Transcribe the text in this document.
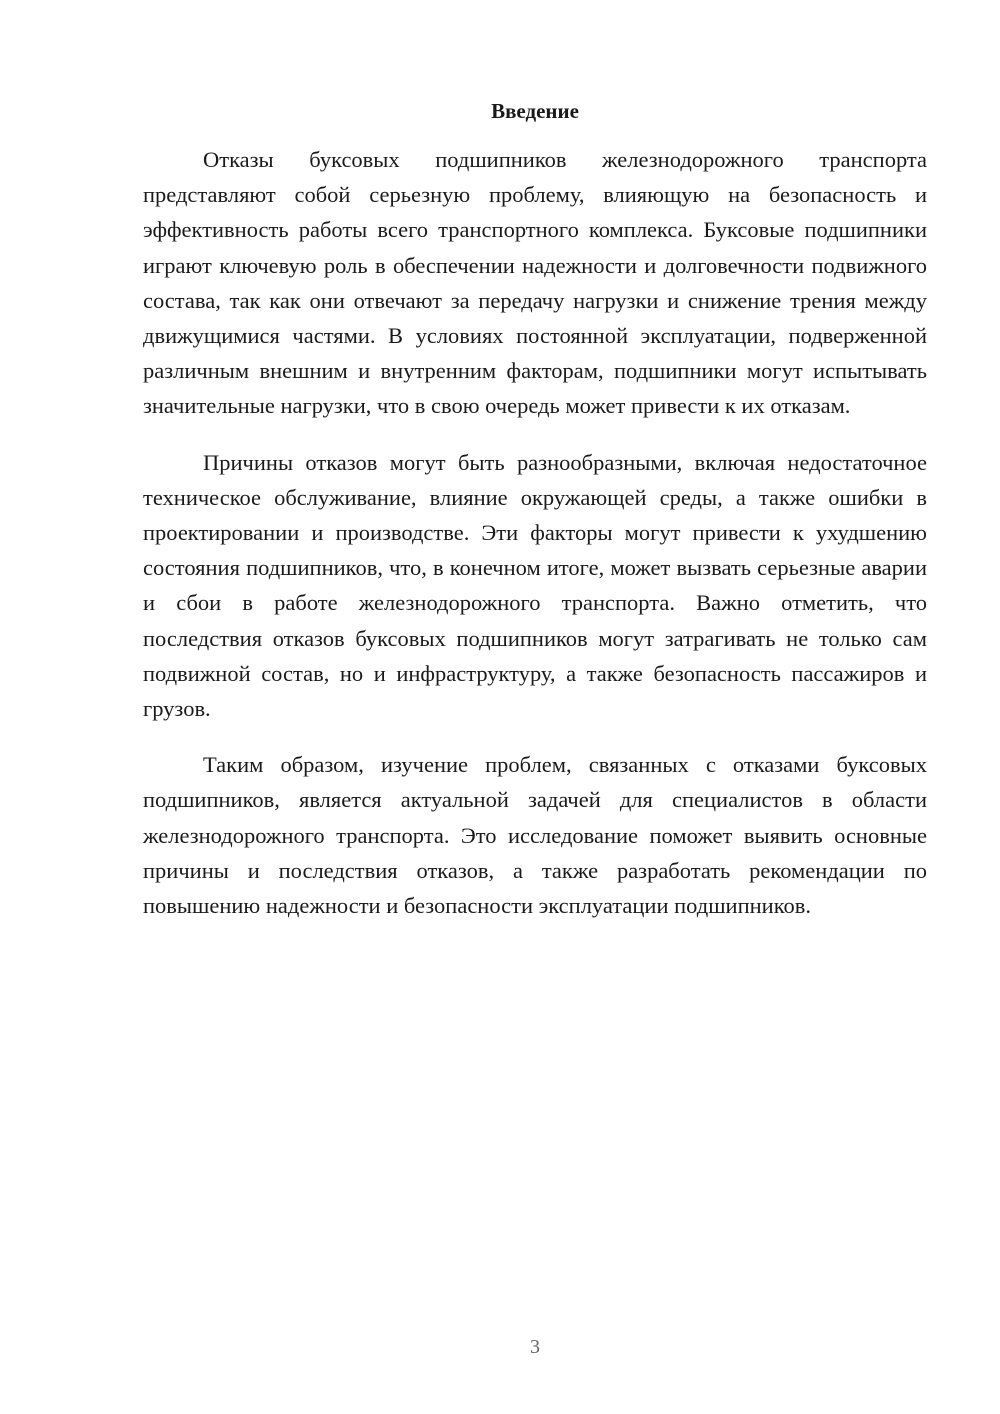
Введение

Отказы буксовых подшипников железнодорожного транспорта представляют собой серьезную проблему, влияющую на безопасность и эффективность работы всего транспортного комплекса. Буксовые подшипники играют ключевую роль в обеспечении надежности и долговечности подвижного состава, так как они отвечают за передачу нагрузки и снижение трения между движущимися частями. В условиях постоянной эксплуатации, подверженной различным внешним и внутренним факторам, подшипники могут испытывать значительные нагрузки, что в свою очередь может привести к их отказам.

Причины отказов могут быть разнообразными, включая недостаточное техническое обслуживание, влияние окружающей среды, а также ошибки в проектировании и производстве. Эти факторы могут привести к ухудшению состояния подшипников, что, в конечном итоге, может вызвать серьезные аварии и сбои в работе железнодорожного транспорта. Важно отметить, что последствия отказов буксовых подшипников могут затрагивать не только сам подвижной состав, но и инфраструктуру, а также безопасность пассажиров и грузов.

Таким образом, изучение проблем, связанных с отказами буксовых подшипников, является актуальной задачей для специалистов в области железнодорожного транспорта. Это исследование поможет выявить основные причины и последствия отказов, а также разработать рекомендации по повышению надежности и безопасности эксплуатации подшипников.

3
